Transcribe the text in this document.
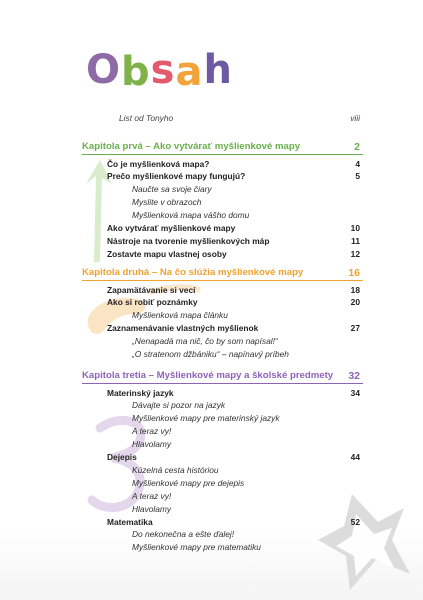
Obsah
List od Tonyho	viii
Kapitola prvá – Ako vytvárať myšlienkové mapy	2
Čo je myšlienková mapa?	4
Prečo myšlienkové mapy fungujú?	5
Naučte sa svoje čiary
Myslite v obrazoch
Myšlienková mapa vášho domu
Ako vytvárať myšlienkové mapy	10
Nástroje na tvorenie myšlienkových máp	11
Zostavte mapu vlastnej osoby	12
Kapitola druhá – Na čo slúžia myšlienkové mapy	16
Zapamätávanie si vecí	18
Ako si robiť poznámky	20
Myšlienková mapa článku
Zaznamenávanie vlastných myšlienok	27
„Nenapadá ma nič, čo by som napísal!“
„O stratenom džbániku“ – napínavý príbeh
Kapitola tretia – Myšlienkové mapy a školské predmety 32
Materinský jazyk	34
Dávajte si pozor na jazyk
Myšlienkové mapy pre materinský jazyk
A teraz vy!
Hlavolamy
Dejepis	44
Kúzelná cesta históriou
Myšlienkové mapy pre dejepis
A teraz vy!
Hlavolamy
Matematika	52
Do nekonečna a ešte ďalej!
Myšlienkové mapy pre matematiku
